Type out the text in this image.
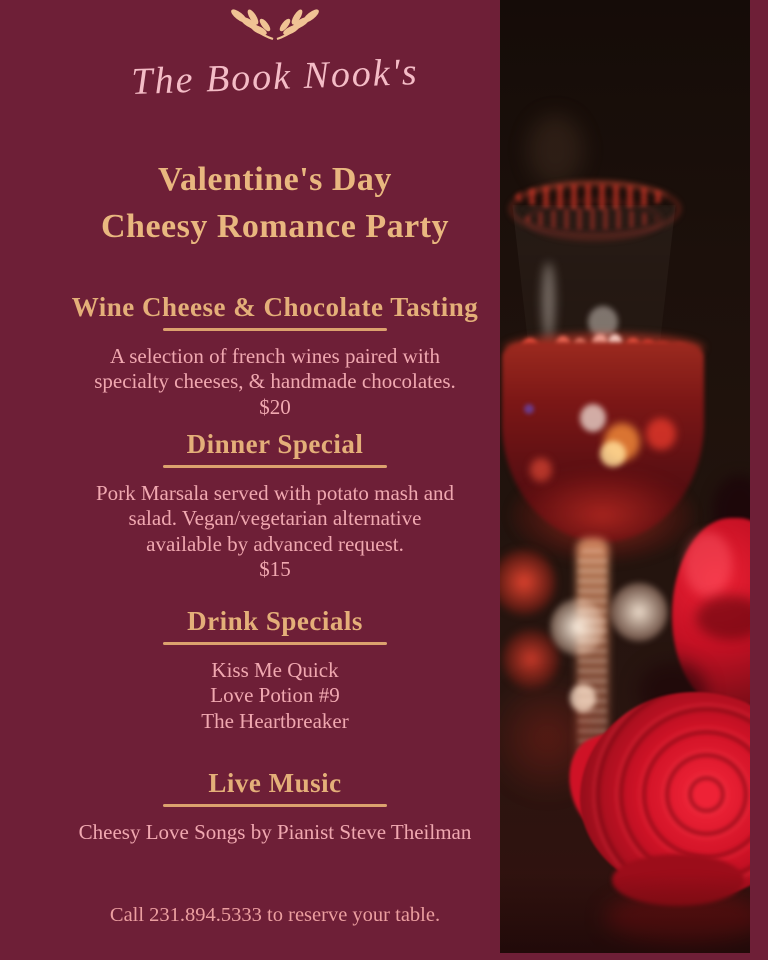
The Book Nook's
Valentine's Day
Cheesy Romance Party
Wine Cheese & Chocolate Tasting

A selection of french wines paired with

specialty cheeses, & handmade chocolates.

$20

Dinner Special

Pork Marsala served with potato mash and

salad. Vegan/vegetarian alternative

available by advanced request.

$15

Drink Specials

Kiss Me Quick

Love Potion #9

The Heartbreaker

Live Music

Cheesy Love Songs by Pianist Steve Theilman

Call 231.894.5333 to reserve your table.
